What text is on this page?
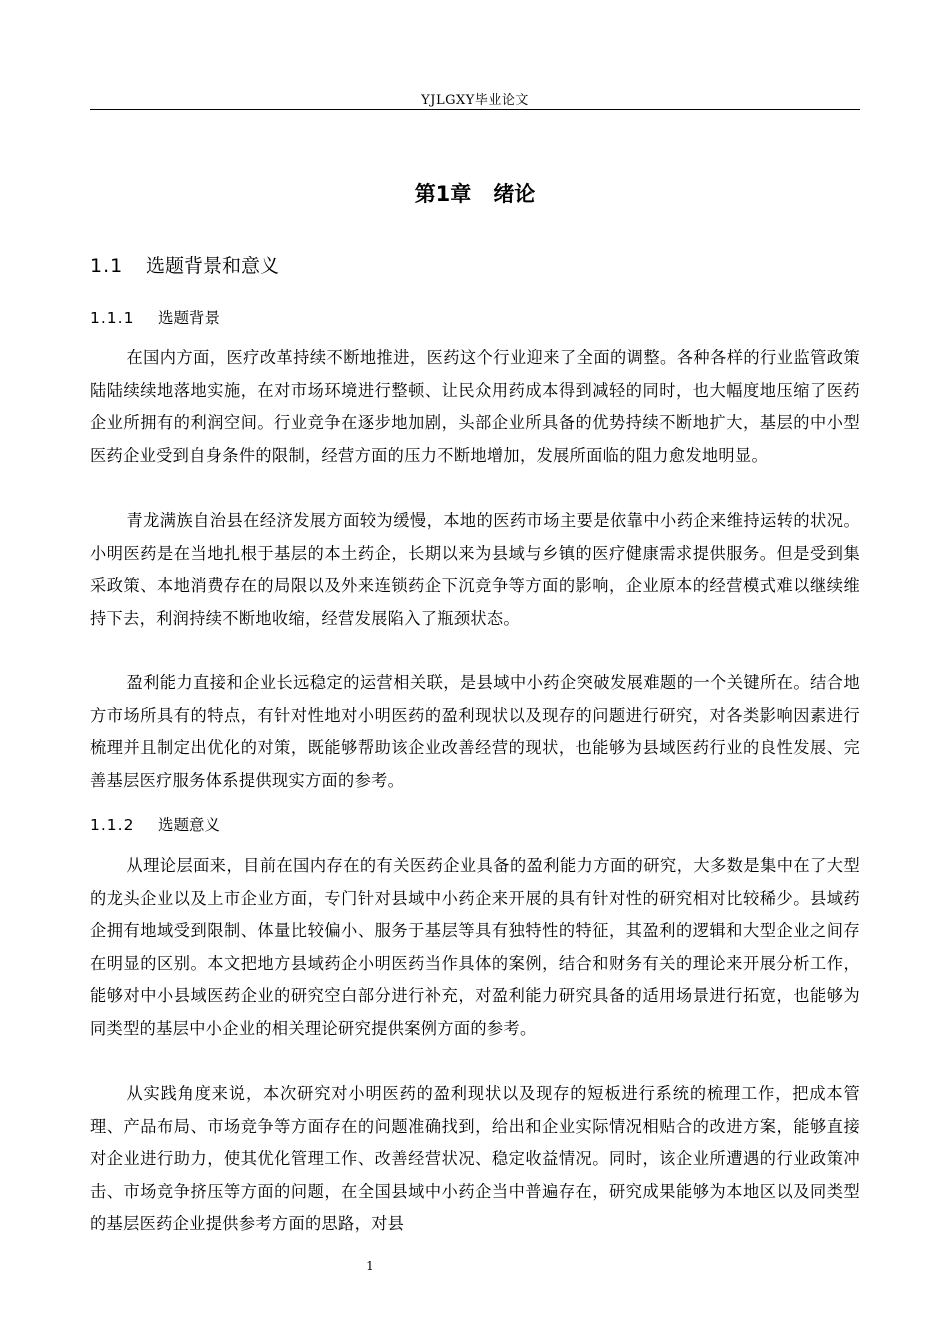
YJLGXY毕业论文
第1章 绪论
1.1 选题背景和意义
1.1.1 选题背景

在国内方面，医疗改革持续不断地推进，医药这个行业迎来了全面的调整。各种各样的行业监管政策陆陆续续地落地实施，在对市场环境进行整顿、让民众用药成本得到减轻的同时，也大幅度地压缩了医药企业所拥有的利润空间。行业竞争在逐步地加剧，头部企业所具备的优势持续不断地扩大，基层的中小型医药企业受到自身条件的限制，经营方面的压力不断地增加，发展所面临的阻力愈发地明显。

青龙满族自治县在经济发展方面较为缓慢，本地的医药市场主要是依靠中小药企来维持运转的状况。小明医药是在当地扎根于基层的本土药企，长期以来为县域与乡镇的医疗健康需求提供服务。但是受到集采政策、本地消费存在的局限以及外来连锁药企下沉竞争等方面的影响，企业原本的经营模式难以继续维持下去，利润持续不断地收缩，经营发展陷入了瓶颈状态。

盈利能力直接和企业长远稳定的运营相关联，是县域中小药企突破发展难题的一个关键所在。结合地方市场所具有的特点，有针对性地对小明医药的盈利现状以及现存的问题进行研究，对各类影响因素进行梳理并且制定出优化的对策，既能够帮助该企业改善经营的现状，也能够为县域医药行业的良性发展、完善基层医疗服务体系提供现实方面的参考。

1.1.2 选题意义

从理论层面来，目前在国内存在的有关医药企业具备的盈利能力方面的研究，大多数是集中在了大型的龙头企业以及上市企业方面，专门针对县域中小药企来开展的具有针对性的研究相对比较稀少。县域药企拥有地域受到限制、体量比较偏小、服务于基层等具有独特性的特征，其盈利的逻辑和大型企业之间存在明显的区别。本文把地方县域药企小明医药当作具体的案例，结合和财务有关的理论来开展分析工作，能够对中小县域医药企业的研究空白部分进行补充，对盈利能力研究具备的适用场景进行拓宽，也能够为同类型的基层中小企业的相关理论研究提供案例方面的参考。

从实践角度来说，本次研究对小明医药的盈利现状以及现存的短板进行系统的梳理工作，把成本管理、产品布局、市场竞争等方面存在的问题准确找到，给出和企业实际情况相贴合的改进方案，能够直接对企业进行助力，使其优化管理工作、改善经营状况、稳定收益情况。同时，该企业所遭遇的行业政策冲击、市场竞争挤压等方面的问题，在全国县域中小药企当中普遍存在，研究成果能够为本地区以及同类型的基层医药企业提供参考方面的思路，对县

1
